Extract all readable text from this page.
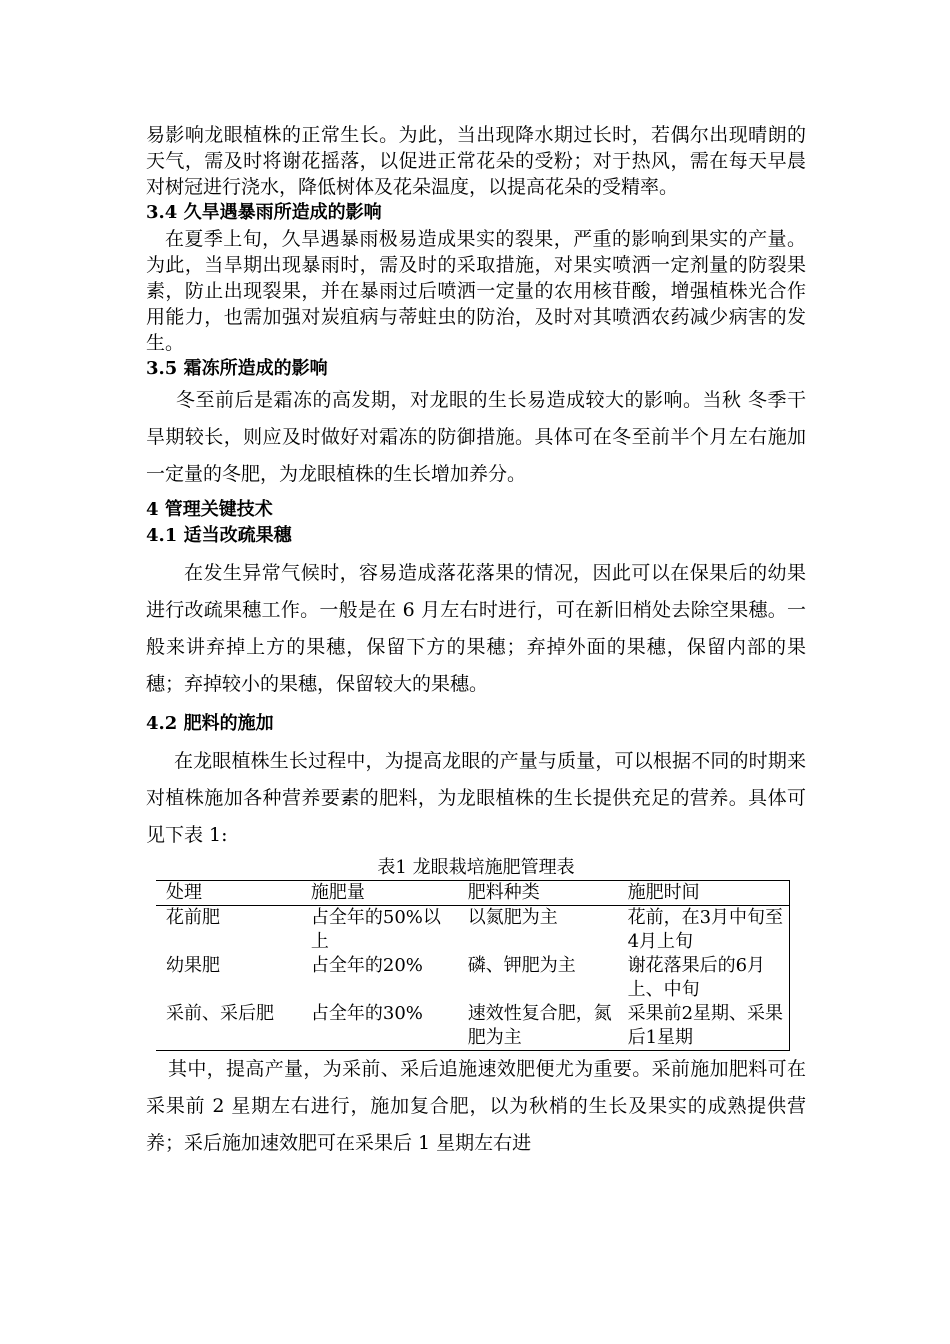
易影响龙眼植株的正常生长。为此，当出现降水期过长时，若偶尔出现晴朗的天气，需及时将谢花摇落，以促进正常花朵的受粉；对于热风，需在每天早晨对树冠进行浇水，降低树体及花朵温度，以提高花朵的受精率。

3.4 久旱遇暴雨所造成的影响

在夏季上旬，久旱遇暴雨极易造成果实的裂果，严重的影响到果实的产量。为此，当旱期出现暴雨时，需及时的采取措施，对果实喷洒一定剂量的防裂果素，防止出现裂果，并在暴雨过后喷洒一定量的农用核苷酸，增强植株光合作用能力，也需加强对炭疽病与蒂蛀虫的防治，及时对其喷洒农药减少病害的发生。

3.5 霜冻所造成的影响

冬至前后是霜冻的高发期，对龙眼的生长易造成较大的影响。当秋 冬季干旱期较长，则应及时做好对霜冻的防御措施。具体可在冬至前半个月左右施加一定量的冬肥，为龙眼植株的生长增加养分。

4 管理关键技术
4.1 适当改疏果穗

在发生异常气候时，容易造成落花落果的情况，因此可以在保果后的幼果进行改疏果穗工作。一般是在 6 月左右时进行，可在新旧梢处去除空果穗。一般来讲弃掉上方的果穗，保留下方的果穗；弃掉外面的果穗，保留内部的果穗；弃掉较小的果穗，保留较大的果穗。

4.2 肥料的施加

在龙眼植株生长过程中，为提高龙眼的产量与质量，可以根据不同的时期来对植株施加各种营养要素的肥料，为龙眼植株的生长提供充足的营养。具体可见下表 1:

表1 龙眼栽培施肥管理表
处理	施肥量	肥料种类	施肥时间
花前肥	占全年的50%以上	以氮肥为主	花前，在3月中旬至4月上旬
幼果肥	占全年的20%	磷、钾肥为主	谢花落果后的6月上、中旬
采前、采后肥	占全年的30%	速效性复合肥，氮肥为主	采果前2星期、采果后1星期

其中，提高产量，为采前、采后追施速效肥便尤为重要。采前施加肥料可在采果前 2 星期左右进行，施加复合肥，以为秋梢的生长及果实的成熟提供营养；采后施加速效肥可在采果后 1 星期左右进
